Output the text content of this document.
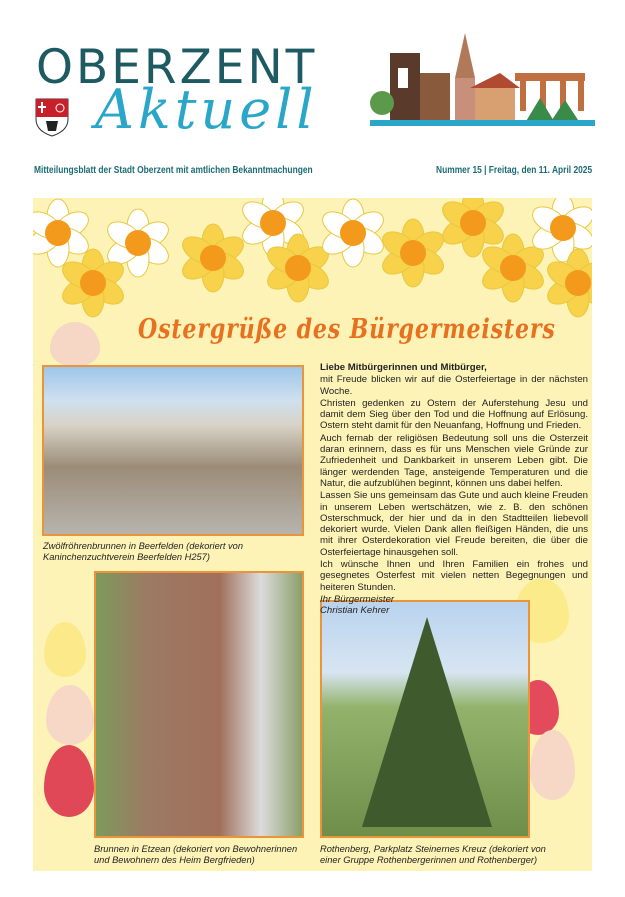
OBERZENT
Aktuell
Mitteilungsblatt der Stadt Oberzent mit amtlichen Bekanntmachungen	Nummer 15 | Freitag, den 11. April 2025
Ostergrüße des Bürgermeisters
Zwölfröhrenbrunnen in Beerfelden (dekoriert von Kaninchenzuchtverein Beerfelden H257)
Brunnen in Etzean (dekoriert von Bewohnerinnen und Bewohnern des Heim Bergfrieden)
Rothenberg, Parkplatz Steinernes Kreuz (dekoriert von einer Gruppe Rothenbergerinnen und Rothenberger)

Liebe Mitbürgerinnen und Mitbürger,

mit Freude blicken wir auf die Osterfeiertage in der nächsten Woche.

Christen gedenken zu Ostern der Auferstehung Jesu und damit dem Sieg über den Tod und die Hoffnung auf Erlösung. Ostern steht damit für den Neuanfang, Hoffnung und Frieden.

Auch fernab der religiösen Bedeutung soll uns die Osterzeit daran erinnern, dass es für uns Menschen viele Gründe zur Zufriedenheit und Dankbarkeit in unserem Leben gibt. Die länger werdenden Tage, ansteigende Temperaturen und die Natur, die aufzublühen beginnt, können uns dabei helfen.

Lassen Sie uns gemeinsam das Gute und auch kleine Freuden in unserem Leben wertschätzen, wie z. B. den schönen Osterschmuck, der hier und da in den Stadtteilen liebevoll dekoriert wurde. Vielen Dank allen fleißigen Händen, die uns mit ihrer Osterdekoration viel Freude bereiten, die über die Osterfeiertage hinausgehen soll.

Ich wünsche Ihnen und Ihren Familien ein frohes und gesegnetes Osterfest mit vielen netten Begegnungen und heiteren Stunden.

Ihr Bürgermeister
Christian Kehrer
